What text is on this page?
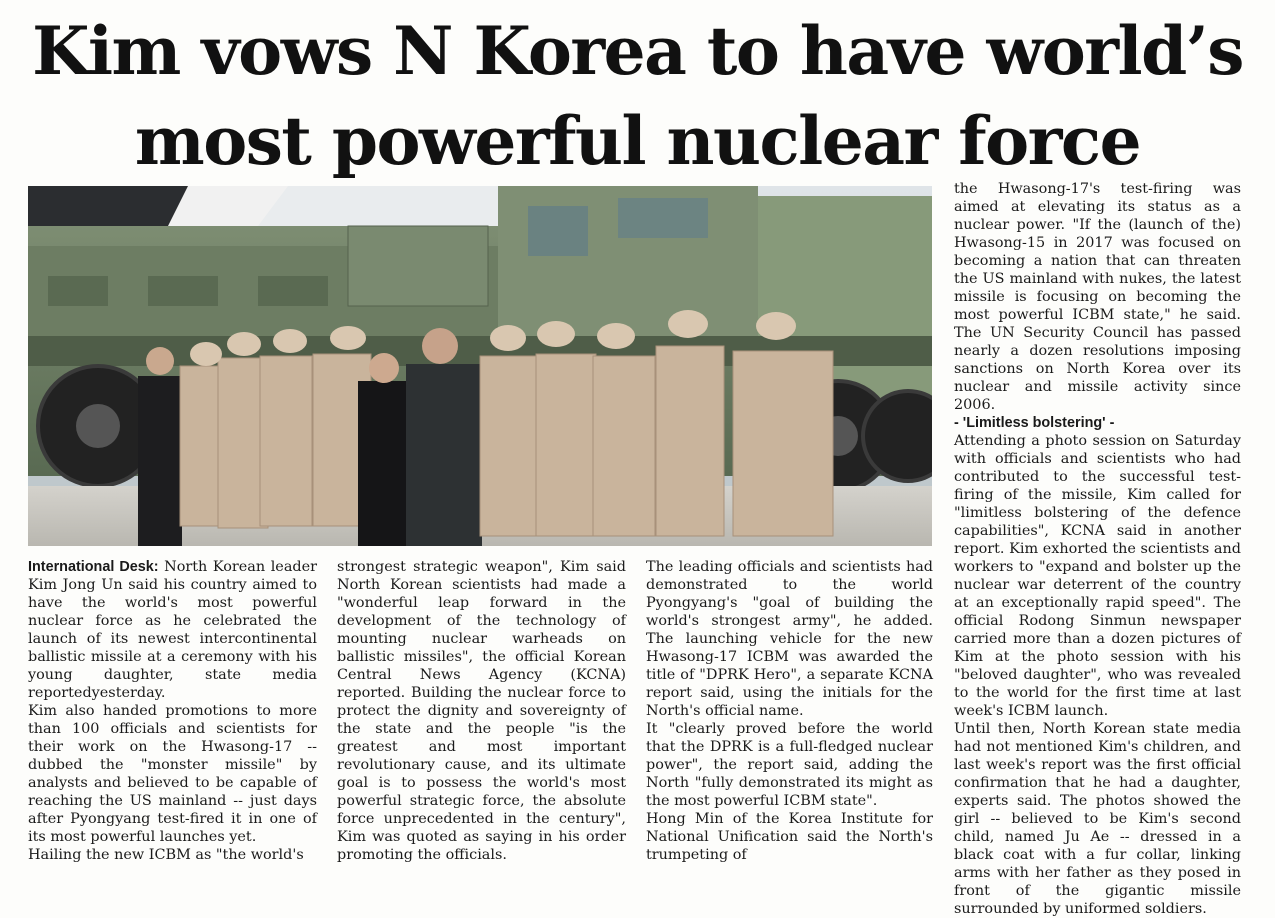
Kim vows N Korea to have world’s
most powerful nuclear force

International Desk: North Korean leader Kim Jong Un said his country aimed to have the world's most powerful nuclear force as he celebrated the launch of its newest intercontinental ballistic missile at a ceremony with his young daughter, state media reportedyesterday.

Kim also handed promotions to more than 100 officials and scientists for their work on the Hwasong-17 -- dubbed the "monster missile" by analysts and believed to be capable of reaching the US mainland -- just days after Pyongyang test-fired it in one of its most powerful launches yet.

Hailing the new ICBM as "the world's

strongest strategic weapon", Kim said North Korean scientists had made a "wonderful leap forward in the development of the technology of mounting nuclear warheads on ballistic missiles", the official Korean Central News Agency (KCNA) reported. Building the nuclear force to protect the dignity and sovereignty of the state and the people "is the greatest and most important revolutionary cause, and its ultimate goal is to possess the world's most powerful strategic force, the absolute force unprecedented in the century", Kim was quoted as saying in his order promoting the officials.

The leading officials and scientists had demonstrated to the world Pyongyang's "goal of building the world's strongest army", he added. The launching vehicle for the new Hwasong-17 ICBM was awarded the title of "DPRK Hero", a separate KCNA report said, using the initials for the North's official name.

It "clearly proved before the world that the DPRK is a full-fledged nuclear power", the report said, adding the North "fully demonstrated its might as the most powerful ICBM state".

Hong Min of the Korea Institute for National Unification said the North's trumpeting of

the Hwasong-17's test-firing was aimed at elevating its status as a nuclear power. "If the (launch of the) Hwasong-15 in 2017 was focused on becoming a nation that can threaten the US mainland with nukes, the latest missile is focusing on becoming the most powerful ICBM state," he said. The UN Security Council has passed nearly a dozen resolutions imposing sanctions on North Korea over its nuclear and missile activity since 2006.

- 'Limitless bolstering' -

Attending a photo session on Saturday with officials and scientists who had contributed to the successful test-firing of the missile, Kim called for "limitless bolstering of the defence capabilities", KCNA said in another report. Kim exhorted the scientists and workers to "expand and bolster up the nuclear war deterrent of the country at an exceptionally rapid speed". The official Rodong Sinmun newspaper carried more than a dozen pictures of Kim at the photo session with his "beloved daughter", who was revealed to the world for the first time at last week's ICBM launch.

Until then, North Korean state media had not mentioned Kim's children, and last week's report was the first official confirmation that he had a daughter, experts said. The photos showed the girl -- believed to be Kim's second child, named Ju Ae -- dressed in a black coat with a fur collar, linking arms with her father as they posed in front of the gigantic missile surrounded by uniformed soldiers.
